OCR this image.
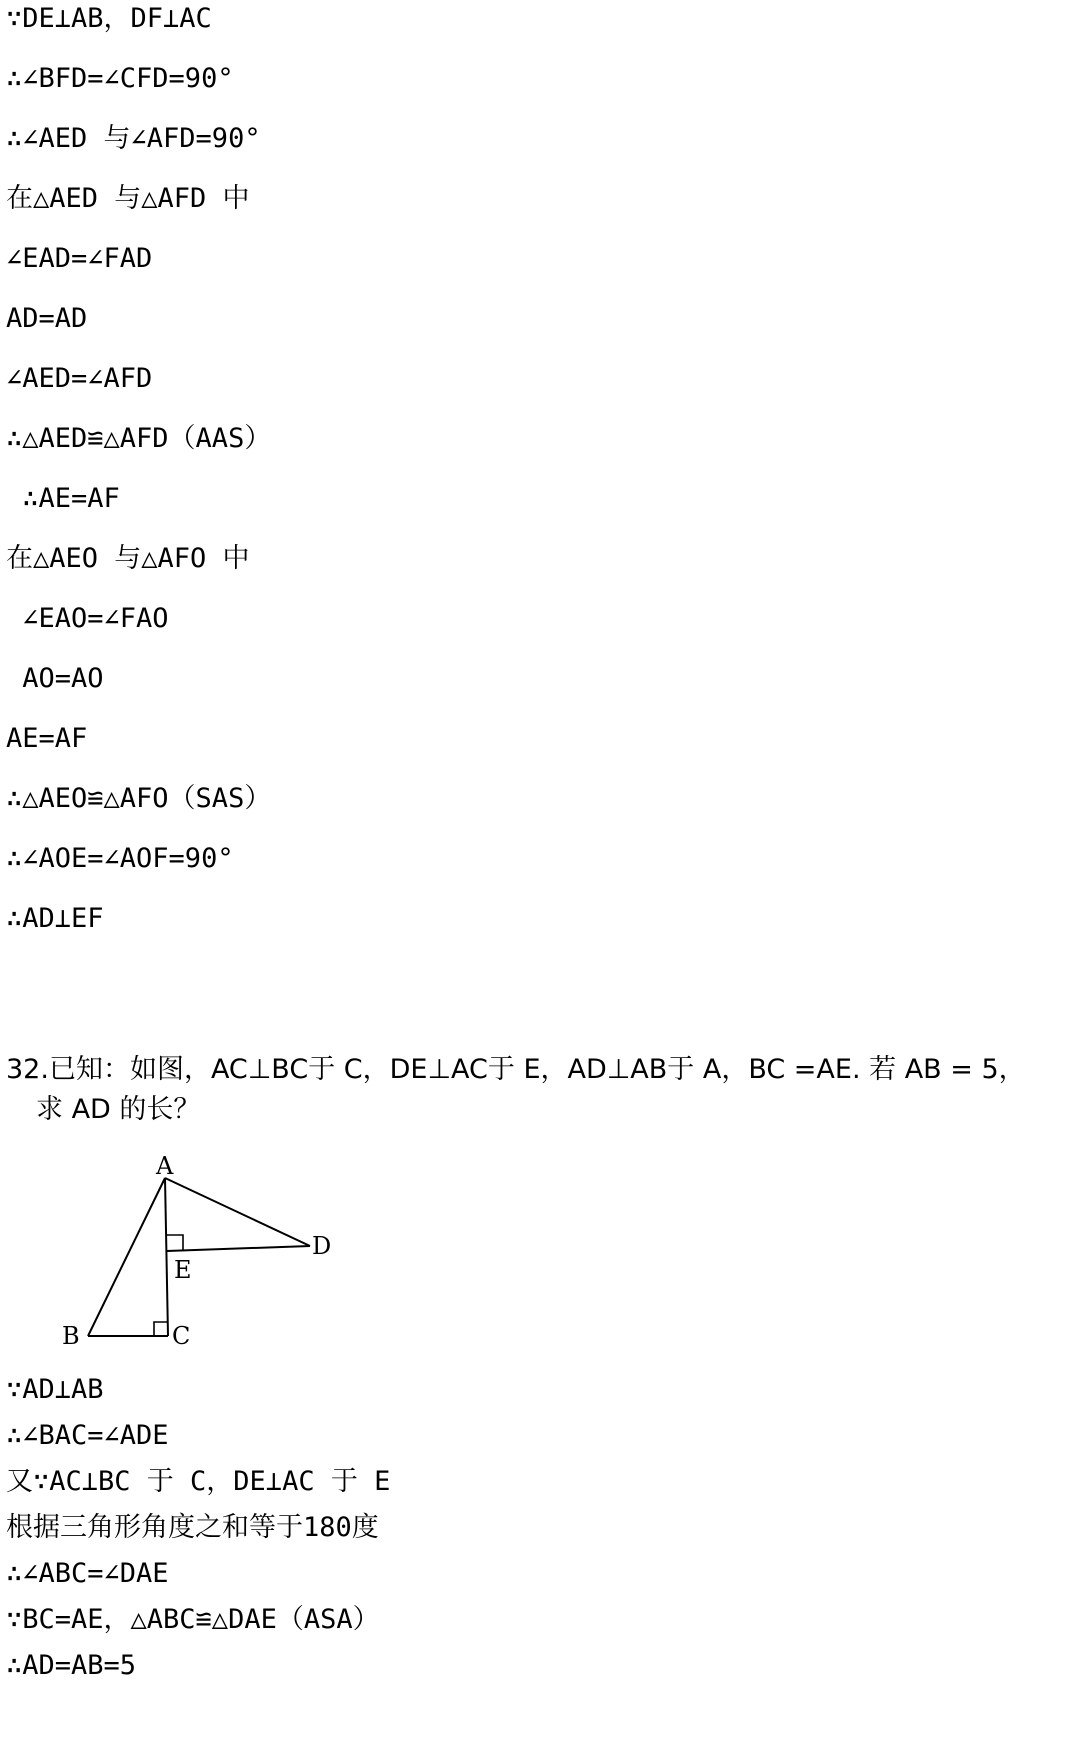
∵DE⊥AB，DF⊥AC
∴∠BFD=∠CFD=90°
∴∠AED 与∠AFD=90°
在△AED 与△AFD 中
∠EAD=∠FAD
AD=AD
∠AED=∠AFD
∴△AED≌△AFD（AAS）
∴AE=AF
在△AEO 与△AFO 中
∠EAO=∠FAO
AO=AO
AE=AF
∴△AEO≌△AFO（SAS）
∴∠AOE=∠AOF=90°
∴AD⊥EF
32.已知：如图，AC⊥BC于 C，DE⊥AC于 E，AD⊥AB于 A，BC =AE. 若 AB = 5，
求 AD 的长？
A
B	C
D
E
∵AD⊥AB
∴∠BAC=∠ADE
又∵AC⊥BC 于 C，DE⊥AC 于 E
根据三角形角度之和等于180度
∴∠ABC=∠DAE
∵BC=AE，△ABC≌△DAE（ASA）
∴AD=AB=5
